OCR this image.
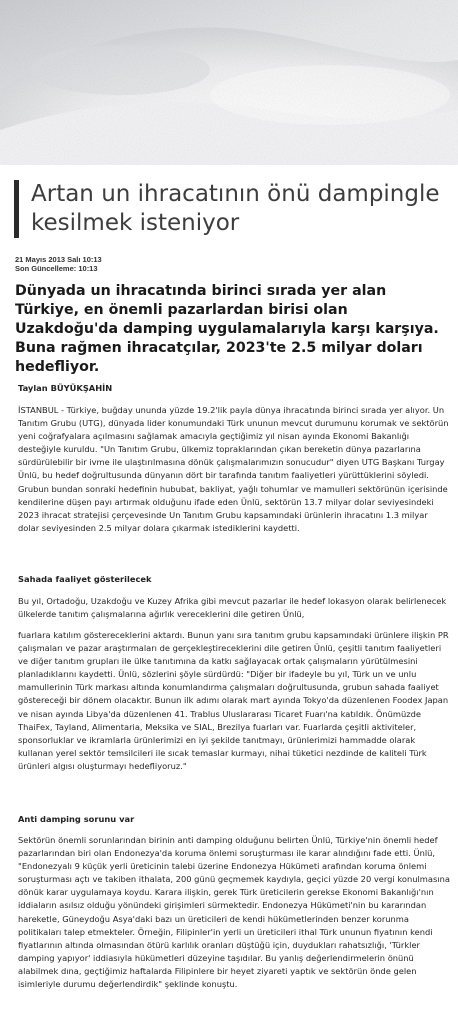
Artan un ihracatının önü dampingle kesilmek isteniyor
21 Mayıs 2013 Salı 10:13
Son Güncelleme: 10:13

Dünyada un ihracatında birinci sırada yer alan Türkiye, en önemli pazarlardan birisi olan Uzakdoğu'da damping uygulamalarıyla karşı karşıya. Buna rağmen ihracatçılar, 2023'te 2.5 milyar doları hedefliyor.

Taylan BÜYÜKŞAHİN

İSTANBUL - Türkiye, buğday ununda yüzde 19.2'lik payla dünya ihracatında birinci sırada yer alıyor. Un Tanıtım Grubu (UTG), dünyada lider konumundaki Türk ununun mevcut durumunu korumak ve sektörün yeni coğrafyalara açılmasını sağlamak amacıyla geçtiğimiz yıl nisan ayında Ekonomi Bakanlığı desteğiyle kuruldu. "Un Tanıtım Grubu, ülkemiz topraklarından çıkan bereketin dünya pazarlarına sürdürülebilir bir ivme ile ulaştırılmasına dönük çalışmalarımızın sonucudur" diyen UTG Başkanı Turgay Ünlü, bu hedef doğrultusunda dünyanın dört bir tarafında tanıtım faaliyetleri yürüttüklerini söyledi. Grubun bundan sonraki hedefinin hububat, bakliyat, yağlı tohumlar ve mamulleri sektörünün içerisinde kendilerine düşen payı artırmak olduğunu ifade eden Ünlü, sektörün 13.7 milyar dolar seviyesindeki 2023 ihracat stratejisi çerçevesinde Un Tanıtım Grubu kapsamındaki ürünlerin ihracatını 1.3 milyar dolar seviyesinden 2.5 milyar dolara çıkarmak istediklerini kaydetti.

Sahada faaliyet gösterilecek

Bu yıl, Ortadoğu, Uzakdoğu ve Kuzey Afrika gibi mevcut pazarlar ile hedef lokasyon olarak belirlenecek ülkelerde tanıtım çalışmalarına ağırlık vereceklerini dile getiren Ünlü,

fuarlara katılım göstereceklerini aktardı. Bunun yanı sıra tanıtım grubu kapsamındaki ürünlere ilişkin PR çalışmaları ve pazar araştırmaları de gerçekleştireceklerini dile getiren Ünlü, çeşitli tanıtım faaliyetleri ve diğer tanıtım grupları ile ülke tanıtımına da katkı sağlayacak ortak çalışmaların yürütülmesini planladıklarını kaydetti. Ünlü, sözlerini şöyle sürdürdü: "Diğer bir ifadeyle bu yıl, Türk un ve unlu mamullerinin Türk markası altında konumlandırma çalışmaları doğrultusunda, grubun sahada faaliyet göstereceği bir dönem olacaktır. Bunun ilk adımı olarak mart ayında Tokyo'da düzenlenen Foodex Japan ve nisan ayında Libya'da düzenlenen 41. Trablus Uluslararası Ticaret Fuarı'na katıldık. Önümüzde ThaiFex, Tayland, Alimentaria, Meksika ve SIAL, Brezilya fuarları var. Fuarlarda çeşitli aktiviteler, sponsorluklar ve ikramlarla ürünlerimizi en iyi şekilde tanıtmayı, ürünlerimizi hammadde olarak kullanan yerel sektör temsilcileri ile sıcak temaslar kurmayı, nihai tüketici nezdinde de kaliteli Türk ürünleri algısı oluşturmayı hedefliyoruz."

Anti damping sorunu var

Sektörün önemli sorunlarından birinin anti damping olduğunu belirten Ünlü, Türkiye'nin önemli hedef pazarlarından biri olan Endonezya'da koruma önlemi soruşturması ile karar alındığını fade etti. Ünlü, "Endonezyalı 9 küçük yerli üreticinin talebi üzerine Endonezya Hükümeti arafından koruma önlemi soruşturması açtı ve takiben ithalata, 200 günü geçmemek kaydıyla, geçici yüzde 20 vergi konulmasına dönük karar uygulamaya koydu. Karara ilişkin, gerek Türk üreticilerin gerekse Ekonomi Bakanlığı'nın iddiaların asılsız olduğu yönündeki girişimleri sürmektedir. Endonezya Hükümeti'nin bu kararından hareketle, Güneydoğu Asya'daki bazı un üreticileri de kendi hükümetlerinden benzer korunma politikaları talep etmekteler. Örneğin, Filipinler'in yerli un üreticileri ithal Türk ununun fiyatının kendi fiyatlarının altında olmasından ötürü karlılık oranları düştüğü için, duydukları rahatsızlığı, 'Türkler damping yapıyor' iddiasıyla hükümetleri düzeyine taşıdılar. Bu yanlış değerlendirmelerin önünü alabilmek dına, geçtiğimiz haftalarda Filipinlere bir heyet ziyareti yaptık ve sektörün önde gelen isimleriyle durumu değerlendirdik" şeklinde konuştu.
